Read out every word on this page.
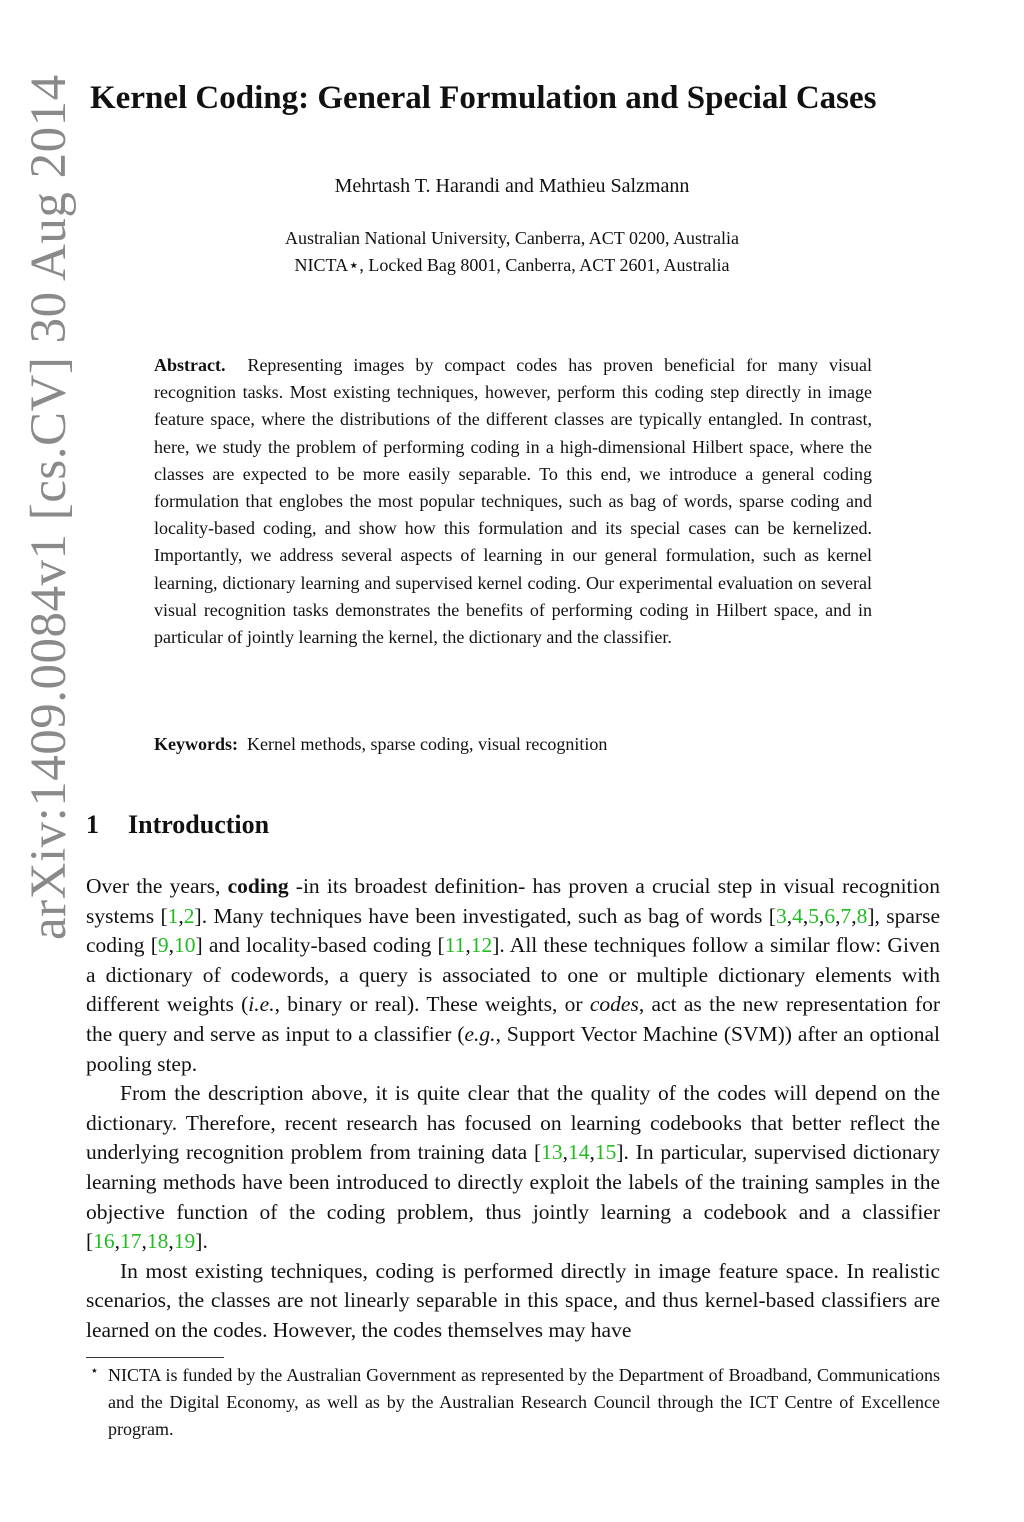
arXiv:1409.0084v1 [cs.CV] 30 Aug 2014 Kernel Coding: General Formulation and Special Cases
Mehrtash T. Harandi and Mathieu Salzmann
Australian National University, Canberra, ACT 0200, Australia
NICTA⋆, Locked Bag 8001, Canberra, ACT 2601, Australia

Abstract. Representing images by compact codes has proven beneficial for many visual recognition tasks. Most existing techniques, however, perform this coding step directly in image feature space, where the distributions of the different classes are typically entangled. In contrast, here, we study the problem of performing coding in a high-dimensional Hilbert space, where the classes are expected to be more easily separable. To this end, we introduce a general coding formulation that englobes the most popular techniques, such as bag of words, sparse coding and locality-based coding, and show how this formulation and its special cases can be kernelized. Importantly, we address several aspects of learning in our general formulation, such as kernel learning, dictionary learning and supervised kernel coding. Our experimental evaluation on several visual recognition tasks demonstrates the benefits of performing coding in Hilbert space, and in particular of jointly learning the kernel, the dictionary and the classifier.

Keywords: Kernel methods, sparse coding, visual recognition
1 Introduction

Over the years, coding -in its broadest definition- has proven a crucial step in visual recognition systems [1,2]. Many techniques have been investigated, such as bag of words [3,4,5,6,7,8], sparse coding [9,10] and locality-based coding [11,12]. All these techniques follow a similar flow: Given a dictionary of codewords, a query is associated to one or multiple dictionary elements with different weights (i.e., binary or real). These weights, or codes, act as the new representation for the query and serve as input to a classifier (e.g., Support Vector Machine (SVM)) after an optional pooling step.

From the description above, it is quite clear that the quality of the codes will depend on the dictionary. Therefore, recent research has focused on learning codebooks that better reflect the underlying recognition problem from training data [13,14,15]. In particular, supervised dictionary learning methods have been introduced to directly exploit the labels of the training samples in the objective function of the coding problem, thus jointly learning a codebook and a classifier [16,17,18,19].

In most existing techniques, coding is performed directly in image feature space. In realistic scenarios, the classes are not linearly separable in this space, and thus kernel-based classifiers are learned on the codes. However, the codes themselves may have

⋆ NICTA is funded by the Australian Government as represented by the Department of Broadband, Communications and the Digital Economy, as well as by the Australian Research Council through the ICT Centre of Excellence program.
